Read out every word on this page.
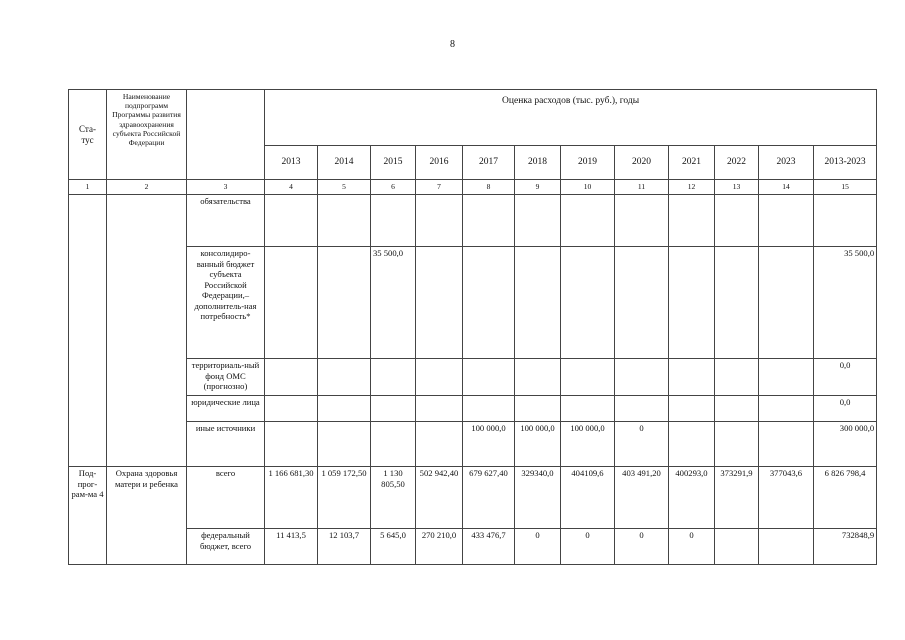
8
Ста-
тус	Наименование подпрограмм Программы развития здравоохранения субъекта Российской Федерации		Оценка расходов (тыс. руб.), годы											
			2013	2014	2015	2016	2017	2018	2019	2020	2021	2022	2023	2013-2023
1	2	3	4	5	6	7	8	9	10	11	12	13	14	15
		обязательства												
		консолидиро-ванный бюджет субъекта Российской Федерации,– дополнитель-ная потребность*			35 500,0									35 500,0
		территориаль-ный фонд ОМС (прогнозно)												0,0
		юридические лица												0,0
		иные источники					100 000,0	100 000,0	100 000,0	0				300 000,0
Под-прог-рам-ма 4	Охрана здоровья матери и ребенка	всего	1 166 681,30	1 059 172,50	1 130 805,50	502 942,40	679 627,40	329340,0	404109,6	403 491,20	400293,0	373291,9	377043,6	6 826 798,4
		федеральный бюджет, всего	11 413,5	12 103,7	5 645,0	270 210,0	433 476,7	0	0	0	0			732848,9
